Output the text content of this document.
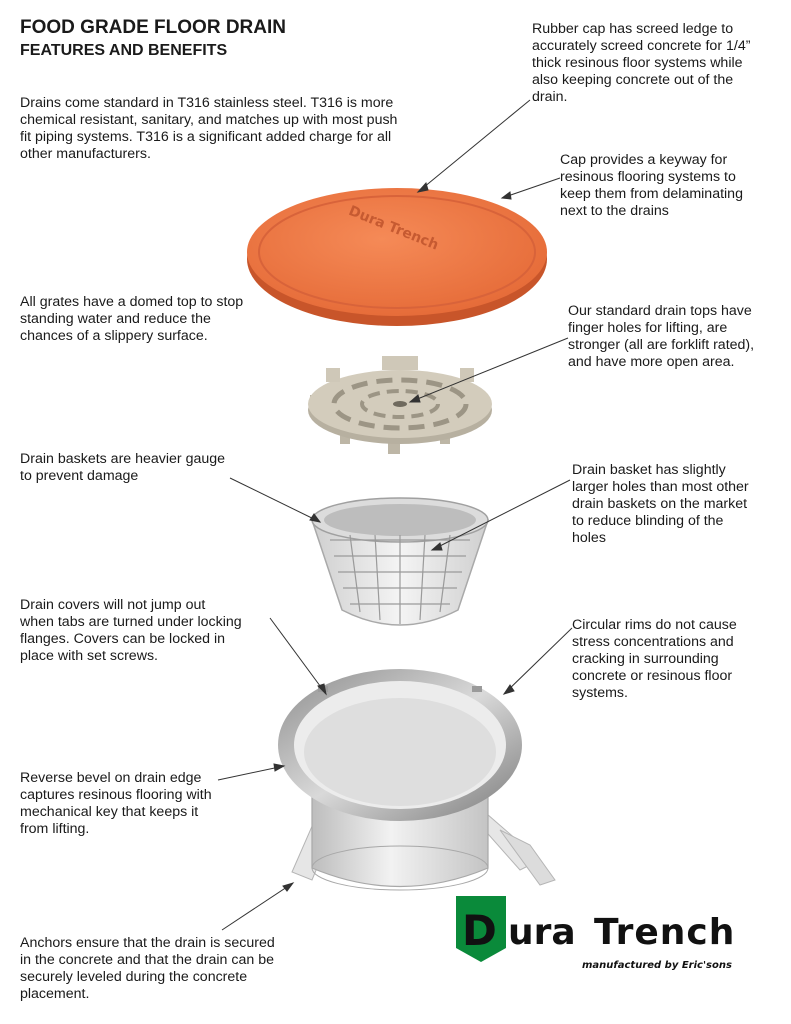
Dura Trench
FOOD GRADE FLOOR DRAIN
FEATURES AND BENEFITS
Drains come standard in T316 stainless steel. T316 is more
chemical resistant, sanitary, and matches up with most push
fit piping systems. T316 is a significant added charge for all
other manufacturers.
Rubber cap has screed ledge to
accurately screed concrete for 1/4”
thick resinous floor systems while
also keeping concrete out of the
drain.
Cap provides a keyway for
resinous flooring systems to
keep them from delaminating
next to the drains
All grates have a domed top to stop
standing water and reduce the
chances of a slippery surface.
Our standard drain tops have
finger holes for lifting, are
stronger (all are forklift rated),
and have more open area.
Drain baskets are heavier gauge
to prevent damage	Drain basket has slightly
larger holes than most other
drain baskets on the market
to reduce blinding of the
holes
Drain covers will not jump out
when tabs are turned under locking
flanges. Covers can be locked in
place with set screws.
Circular rims do not cause
stress concentrations and
cracking in surrounding
concrete or resinous floor
systems.
Reverse bevel on drain edge
captures resinous flooring with
mechanical key that keeps it
from lifting.
Anchors ensure that the drain is secured
in the concrete and that the drain can be
securely leveled during the concrete
placement.
D ura Trench
manufactured by Eric'sons
